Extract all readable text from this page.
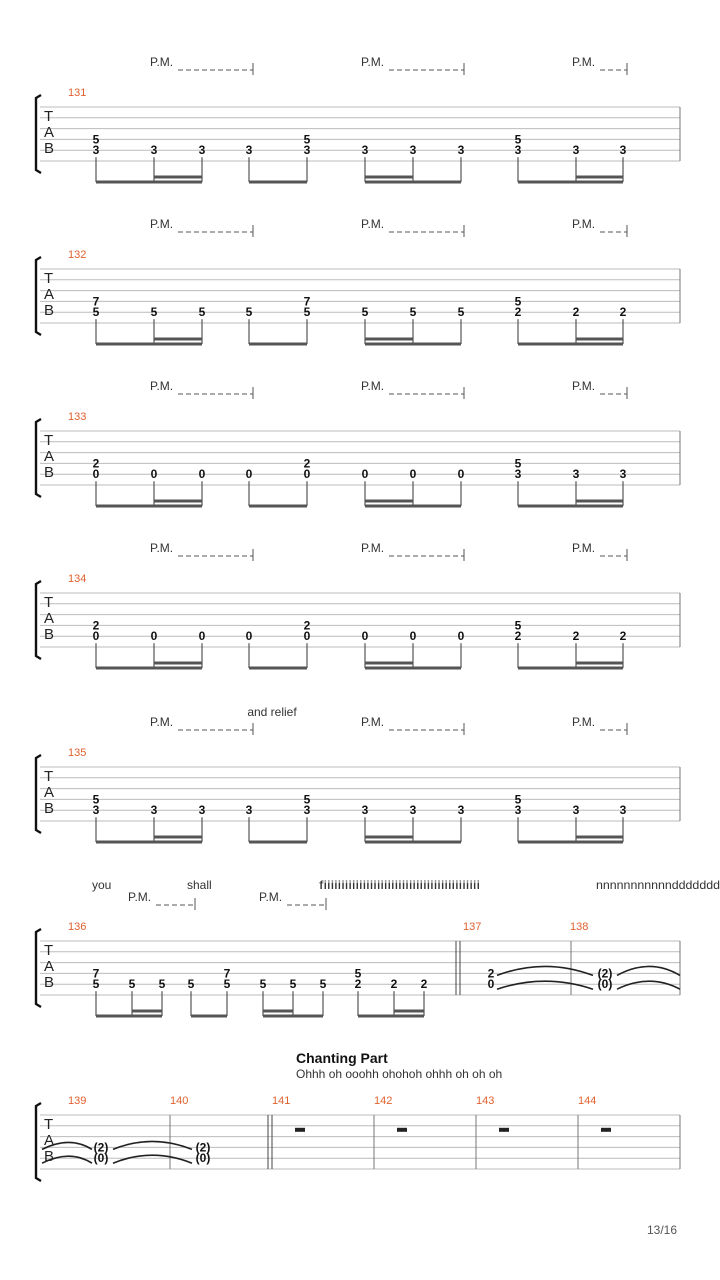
131
T
A
B
P.M.	P.M.	P.M.
5
3	3	3	3
5
3	3	3	3
5
3	3	3
132
T
A
B
P.M.	P.M.	P.M.
7
5	5	5	5
7
5	5	5	5
5
2	2	2
133
T
A
B
P.M.	P.M.	P.M.
2
0	0	0	0
2
0	0	0	0
5
3	3	3
134
T
A
B
P.M.	P.M.	P.M.
2
0	0	0	0
2
0	0	0	0
5
2	2	2
135
T
A
B
P.M.	P.M.	P.M.
5
3	3	3	3
5
3	3	3	3
5
3	3	3
and relief
T
A
B
136	137	138
7
5 5 5 5
7
5 5 5 5
5
2 2 2
2
0
(2)
(0)
P.M.	P.M.
you	shall	fiiiiiiiiiiiiiiiiiiiiiiiiiiiiiiiiiiiiiiiiiiii	nnnnnnnnnnnddddddd
Chanting Part
Ohhh oh ooohh ohohoh ohhh oh oh oh
T
A
B
139	140	141	142	143	144
(2)
(0)
(2)
(0)
13/16
